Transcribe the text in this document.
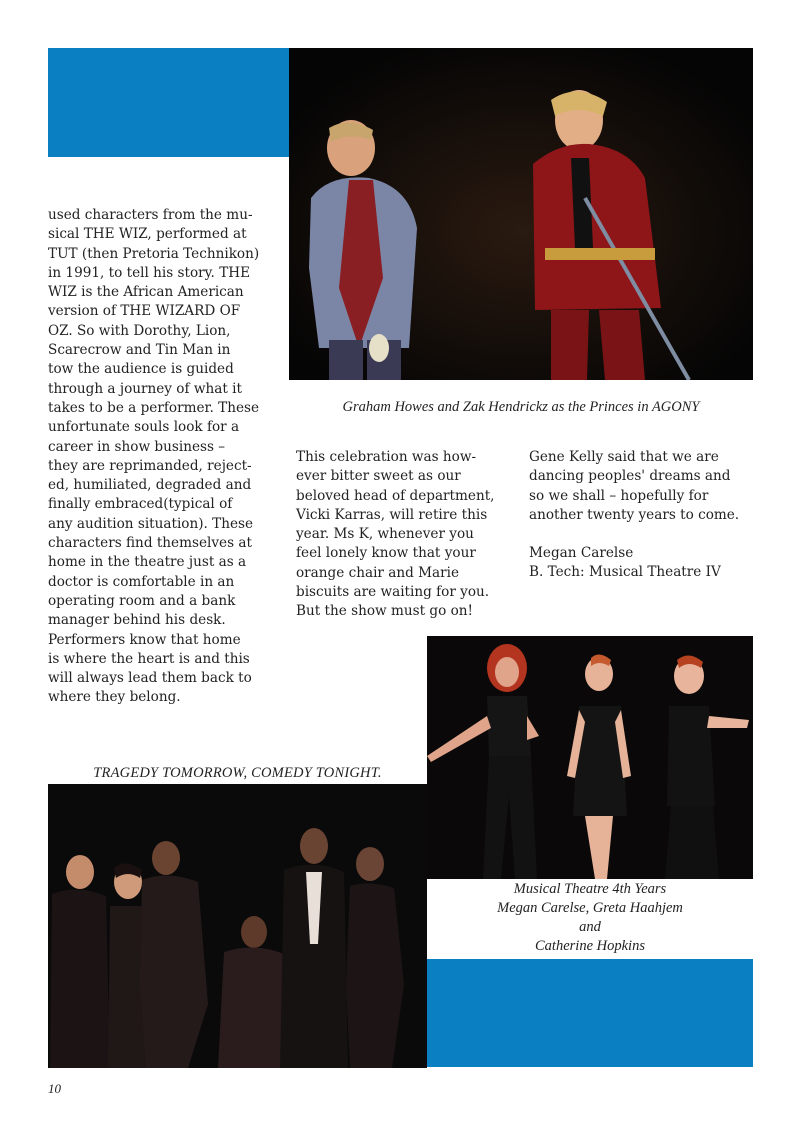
Graham Howes and Zak Hendrickz as the Princes in AGONY
used characters from the mu-
sical THE WIZ, performed at
TUT (then Pretoria Technikon)
in 1991, to tell his story. THE
WIZ is the African American
version of THE WIZARD OF
OZ. So with Dorothy, Lion,
Scarecrow and Tin Man in
tow the audience is guided
through a journey of what it
takes to be a performer. These
unfortunate souls look for a
career in show business –
they are reprimanded, reject-
ed, humiliated, degraded and
finally embraced(typical of
any audition situation). These
characters find themselves at
home in the theatre just as a
doctor is comfortable in an
operating room and a bank
manager behind his desk.
Performers know that home
is where the heart is and this
will always lead them back to
where they belong.
This celebration was how-
ever bitter sweet as our
beloved head of department,
Vicki Karras, will retire this
year. Ms K, whenever you
feel lonely know that your
orange chair and Marie
biscuits are waiting for you.
But the show must go on!
Gene Kelly said that we are
dancing peoples' dreams and
so we shall – hopefully for
another twenty years to come.
Megan Carelse
B. Tech: Musical Theatre IV
Musical Theatre 4th Years
Megan Carelse, Greta Haahjem
and
Catherine Hopkins
TRAGEDY TOMORROW, COMEDY TONIGHT.
10
